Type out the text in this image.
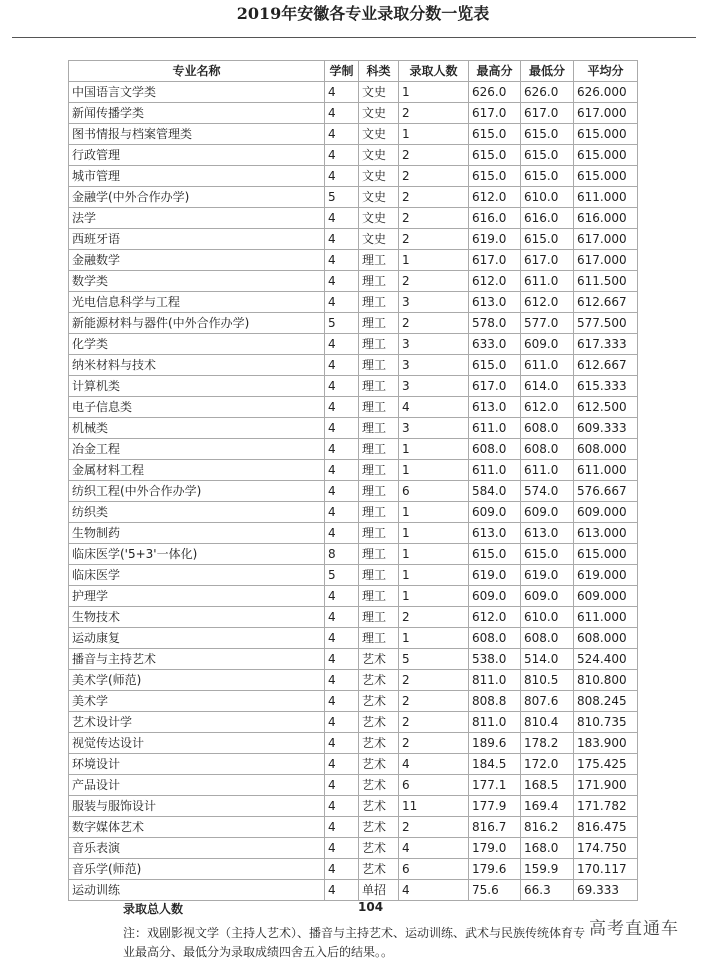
2019年安徽各专业录取分数一览表
专业名称	学制	科类	录取人数	最高分	最低分	平均分
中国语言文学类	4	文史	1	626.0	626.0	626.000
新闻传播学类	4	文史	2	617.0	617.0	617.000
图书情报与档案管理类	4	文史	1	615.0	615.0	615.000
行政管理	4	文史	2	615.0	615.0	615.000
城市管理	4	文史	2	615.0	615.0	615.000
金融学(中外合作办学)	5	文史	2	612.0	610.0	611.000
法学	4	文史	2	616.0	616.0	616.000
西班牙语	4	文史	2	619.0	615.0	617.000
金融数学	4	理工	1	617.0	617.0	617.000
数学类	4	理工	2	612.0	611.0	611.500
光电信息科学与工程	4	理工	3	613.0	612.0	612.667
新能源材料与器件(中外合作办学)	5	理工	2	578.0	577.0	577.500
化学类	4	理工	3	633.0	609.0	617.333
纳米材料与技术	4	理工	3	615.0	611.0	612.667
计算机类	4	理工	3	617.0	614.0	615.333
电子信息类	4	理工	4	613.0	612.0	612.500
机械类	4	理工	3	611.0	608.0	609.333
冶金工程	4	理工	1	608.0	608.0	608.000
金属材料工程	4	理工	1	611.0	611.0	611.000
纺织工程(中外合作办学)	4	理工	6	584.0	574.0	576.667
纺织类	4	理工	1	609.0	609.0	609.000
生物制药	4	理工	1	613.0	613.0	613.000
临床医学('5+3'一体化)	8	理工	1	615.0	615.0	615.000
临床医学	5	理工	1	619.0	619.0	619.000
护理学	4	理工	1	609.0	609.0	609.000
生物技术	4	理工	2	612.0	610.0	611.000
运动康复	4	理工	1	608.0	608.0	608.000
播音与主持艺术	4	艺术	5	538.0	514.0	524.400
美术学(师范)	4	艺术	2	811.0	810.5	810.800
美术学	4	艺术	2	808.8	807.6	808.245
艺术设计学	4	艺术	2	811.0	810.4	810.735
视觉传达设计	4	艺术	2	189.6	178.2	183.900
环境设计	4	艺术	4	184.5	172.0	175.425
产品设计	4	艺术	6	177.1	168.5	171.900
服装与服饰设计	4	艺术	11	177.9	169.4	171.782
数字媒体艺术	4	艺术	2	816.7	816.2	816.475
音乐表演	4	艺术	4	179.0	168.0	174.750
音乐学(师范)	4	艺术	6	179.6	159.9	170.117
运动训练	4	单招	4	75.6	66.3	69.333
录取总人数	104
注：戏剧影视文学（主持人艺术）、播音与主持艺术、运动训练、武术与民族传统体育专业最高分、最低分为录取成绩四舍五入后的结果。。
高考直通车
